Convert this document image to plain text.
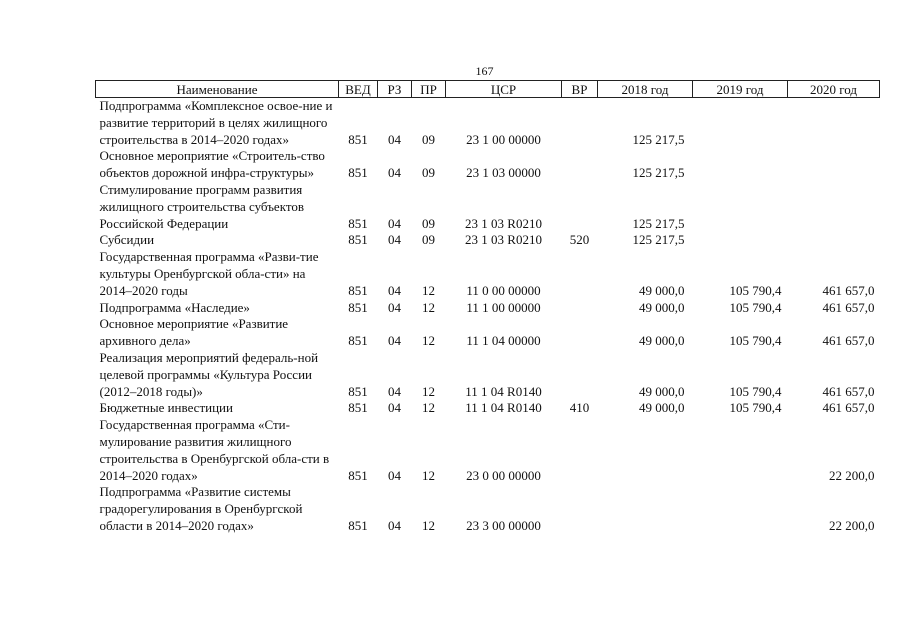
167
Наименование	ВЕД	РЗ	ПР	ЦСР	ВР	2018 год	2019 год	2020 год
Подпрограмма «Комплексное освое-ние и развитие территорий в целях жилищного строительства в 2014–2020 годах»	851	04	09	23 1 00 00000		125 217,5		
Основное мероприятие «Строитель-ство объектов дорожной инфра-структуры»	851	04	09	23 1 03 00000		125 217,5		
Стимулирование программ развития жилищного строительства субъектов Российской Федерации	851	04	09	23 1 03 R0210		125 217,5		
Субсидии	851	04	09	23 1 03 R0210	520	125 217,5		
Государственная программа «Разви-тие культуры Оренбургской обла-сти» на 2014–2020 годы	851	04	12	11 0 00 00000		49 000,0	105 790,4	461 657,0
Подпрограмма «Наследие»	851	04	12	11 1 00 00000		49 000,0	105 790,4	461 657,0
Основное мероприятие «Развитие архивного дела»	851	04	12	11 1 04 00000		49 000,0	105 790,4	461 657,0
Реализация мероприятий федераль-ной целевой программы «Культура России (2012–2018 годы)»	851	04	12	11 1 04 R0140		49 000,0	105 790,4	461 657,0
Бюджетные инвестиции	851	04	12	11 1 04 R0140	410	49 000,0	105 790,4	461 657,0
Государственная программа «Сти-мулирование развития жилищного строительства в Оренбургской обла-сти в 2014–2020 годах»	851	04	12	23 0 00 00000				22 200,0
Подпрограмма «Развитие системы градорегулирования в Оренбургской области в 2014–2020 годах»	851	04	12	23 3 00 00000				22 200,0
